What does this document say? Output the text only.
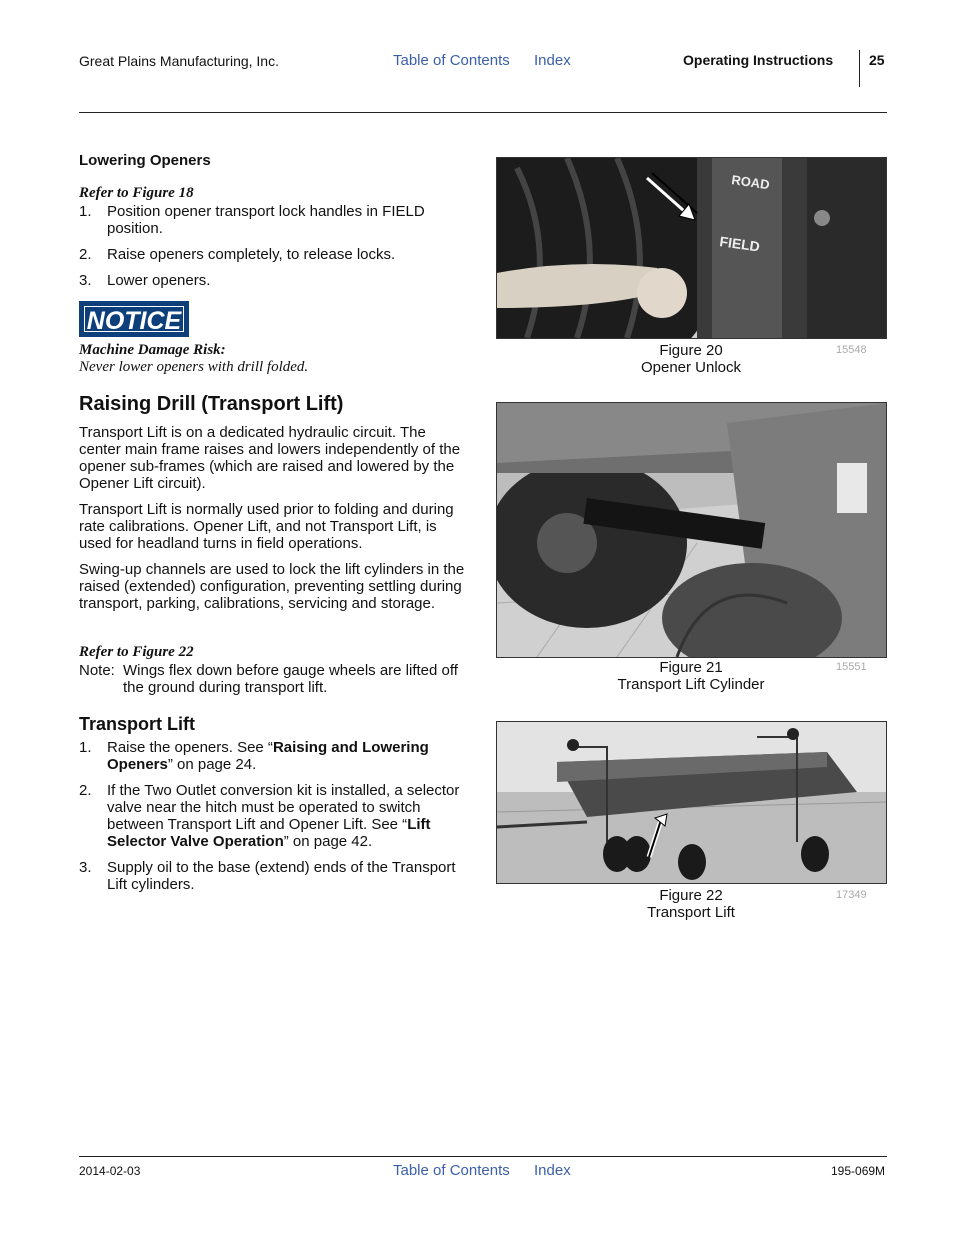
Great Plains Manufacturing, Inc.	Table of Contents Index	Operating Instructions	25
Lowering Openers
Refer to Figure 18
1. Position opener transport lock handles in FIELD position.
2. Raise openers completely, to release locks.
3. Lower openers.
NOTICE
Machine Damage Risk:
Never lower openers with drill folded.
Raising Drill (Transport Lift)
Transport Lift is on a dedicated hydraulic circuit. The center main frame raises and lowers independently of the opener sub-frames (which are raised and lowered by the Opener Lift circuit).
Transport Lift is normally used prior to folding and during rate calibrations. Opener Lift, and not Transport Lift, is used for headland turns in field operations.
Swing-up channels are used to lock the lift cylinders in the raised (extended) configuration, preventing settling during transport, parking, calibrations, servicing and storage.
Refer to Figure 22
Note: Wings flex down before gauge wheels are lifted off the ground during transport lift.
Transport Lift
1. Raise the openers. See “Raising and Lowering Openers” on page 24.
2. If the Two Outlet conversion kit is installed, a selector valve near the hitch must be operated to switch between Transport Lift and Opener Lift. See “Lift Selector Valve Operation” on page 42.
3. Supply oil to the base (extend) ends of the Transport Lift cylinders.
ROAD
FIELD
Figure 20
Opener Unlock
15548
Figure 21
Transport Lift Cylinder
15551
Figure 22
Transport Lift
17349
2014-02-03	Table of Contents Index	195-069M
